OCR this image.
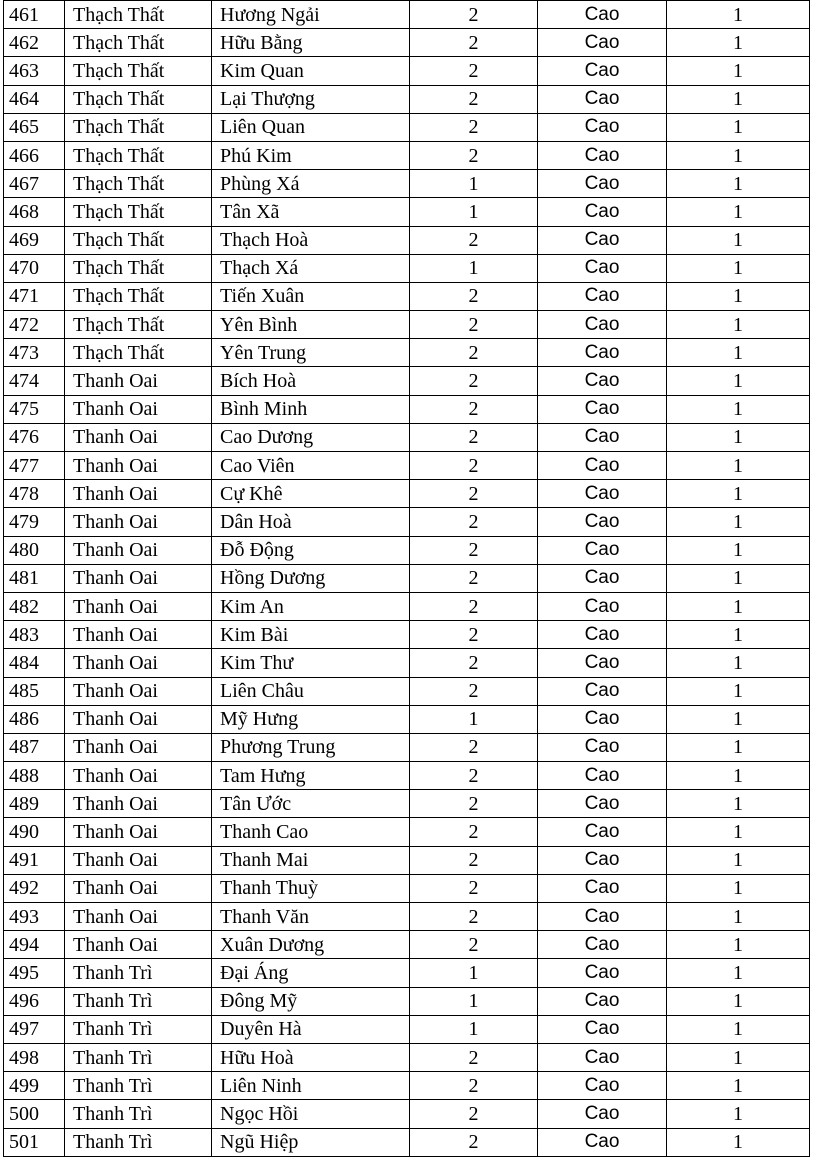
461	Thạch Thất	Hương Ngải	2	Cao	1
462	Thạch Thất	Hữu Bằng	2	Cao	1
463	Thạch Thất	Kim Quan	2	Cao	1
464	Thạch Thất	Lại Thượng	2	Cao	1
465	Thạch Thất	Liên Quan	2	Cao	1
466	Thạch Thất	Phú Kim	2	Cao	1
467	Thạch Thất	Phùng Xá	1	Cao	1
468	Thạch Thất	Tân Xã	1	Cao	1
469	Thạch Thất	Thạch Hoà	2	Cao	1
470	Thạch Thất	Thạch Xá	1	Cao	1
471	Thạch Thất	Tiến Xuân	2	Cao	1
472	Thạch Thất	Yên Bình	2	Cao	1
473	Thạch Thất	Yên Trung	2	Cao	1
474	Thanh Oai	Bích Hoà	2	Cao	1
475	Thanh Oai	Bình Minh	2	Cao	1
476	Thanh Oai	Cao Dương	2	Cao	1
477	Thanh Oai	Cao Viên	2	Cao	1
478	Thanh Oai	Cự Khê	2	Cao	1
479	Thanh Oai	Dân Hoà	2	Cao	1
480	Thanh Oai	Đỗ Động	2	Cao	1
481	Thanh Oai	Hồng Dương	2	Cao	1
482	Thanh Oai	Kim An	2	Cao	1
483	Thanh Oai	Kim Bài	2	Cao	1
484	Thanh Oai	Kim Thư	2	Cao	1
485	Thanh Oai	Liên Châu	2	Cao	1
486	Thanh Oai	Mỹ Hưng	1	Cao	1
487	Thanh Oai	Phương Trung	2	Cao	1
488	Thanh Oai	Tam Hưng	2	Cao	1
489	Thanh Oai	Tân Ước	2	Cao	1
490	Thanh Oai	Thanh Cao	2	Cao	1
491	Thanh Oai	Thanh Mai	2	Cao	1
492	Thanh Oai	Thanh Thuỳ	2	Cao	1
493	Thanh Oai	Thanh Văn	2	Cao	1
494	Thanh Oai	Xuân Dương	2	Cao	1
495	Thanh Trì	Đại Áng	1	Cao	1
496	Thanh Trì	Đông Mỹ	1	Cao	1
497	Thanh Trì	Duyên Hà	1	Cao	1
498	Thanh Trì	Hữu Hoà	2	Cao	1
499	Thanh Trì	Liên Ninh	2	Cao	1
500	Thanh Trì	Ngọc Hồi	2	Cao	1
501	Thanh Trì	Ngũ Hiệp	2	Cao	1
